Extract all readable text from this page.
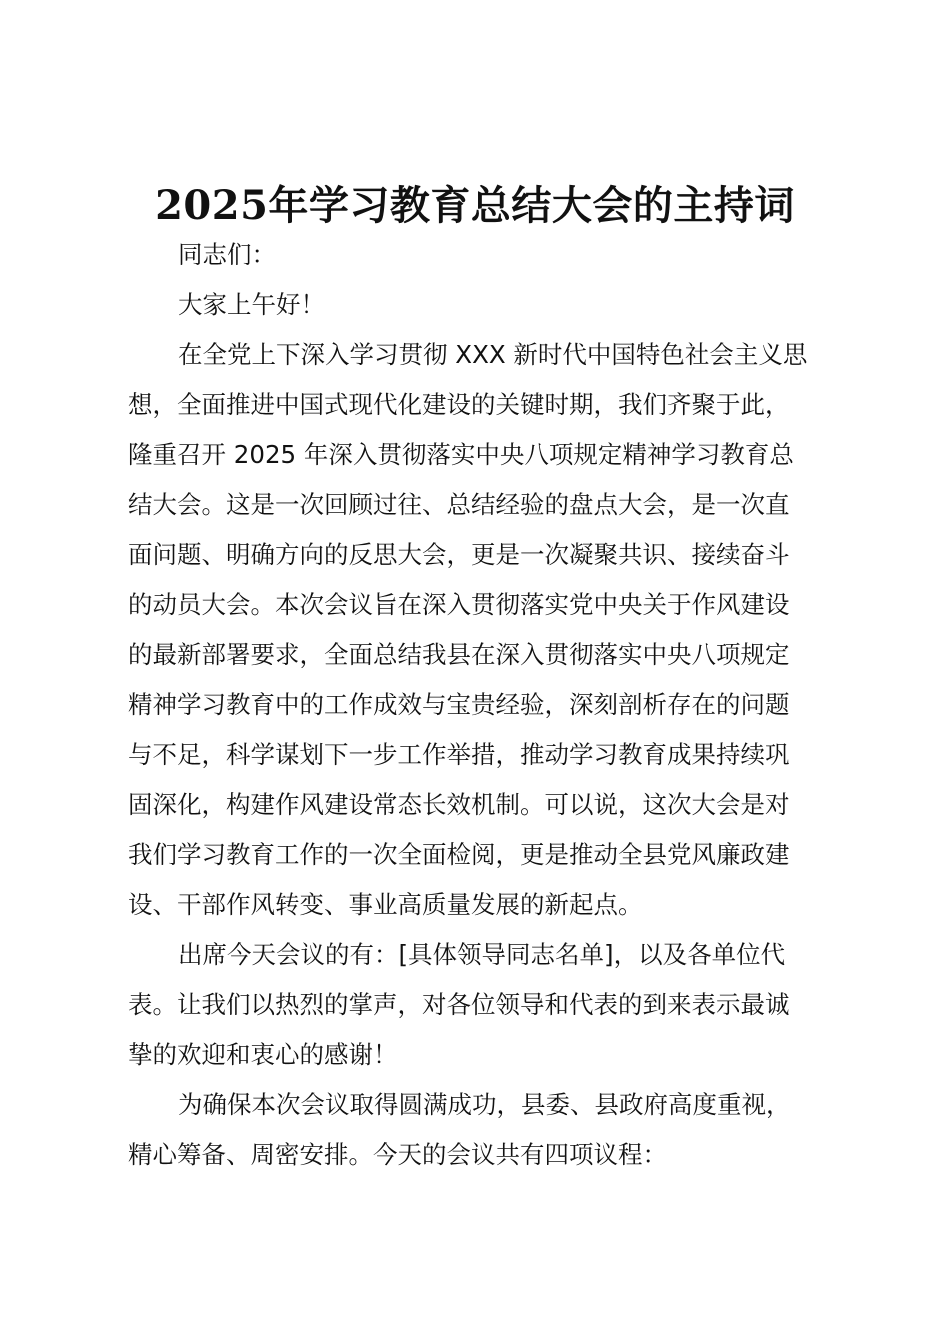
2025年学习教育总结大会的主持词

同志们：

大家上午好！

在全党上下深入学习贯彻 XXX 新时代中国特色社会主义思
想，全面推进中国式现代化建设的关键时期，我们齐聚于此，
隆重召开 2025 年深入贯彻落实中央八项规定精神学习教育总
结大会。这是一次回顾过往、总结经验的盘点大会，是一次直
面问题、明确方向的反思大会，更是一次凝聚共识、接续奋斗
的动员大会。本次会议旨在深入贯彻落实党中央关于作风建设
的最新部署要求，全面总结我县在深入贯彻落实中央八项规定
精神学习教育中的工作成效与宝贵经验，深刻剖析存在的问题
与不足，科学谋划下一步工作举措，推动学习教育成果持续巩
固深化，构建作风建设常态长效机制。可以说，这次大会是对
我们学习教育工作的一次全面检阅，更是推动全县党风廉政建
设、干部作风转变、事业高质量发展的新起点。

出席今天会议的有：[具体领导同志名单]，以及各单位代
表。让我们以热烈的掌声，对各位领导和代表的到来表示最诚
挚的欢迎和衷心的感谢！

为确保本次会议取得圆满成功，县委、县政府高度重视，
精心筹备、周密安排。今天的会议共有四项议程：
